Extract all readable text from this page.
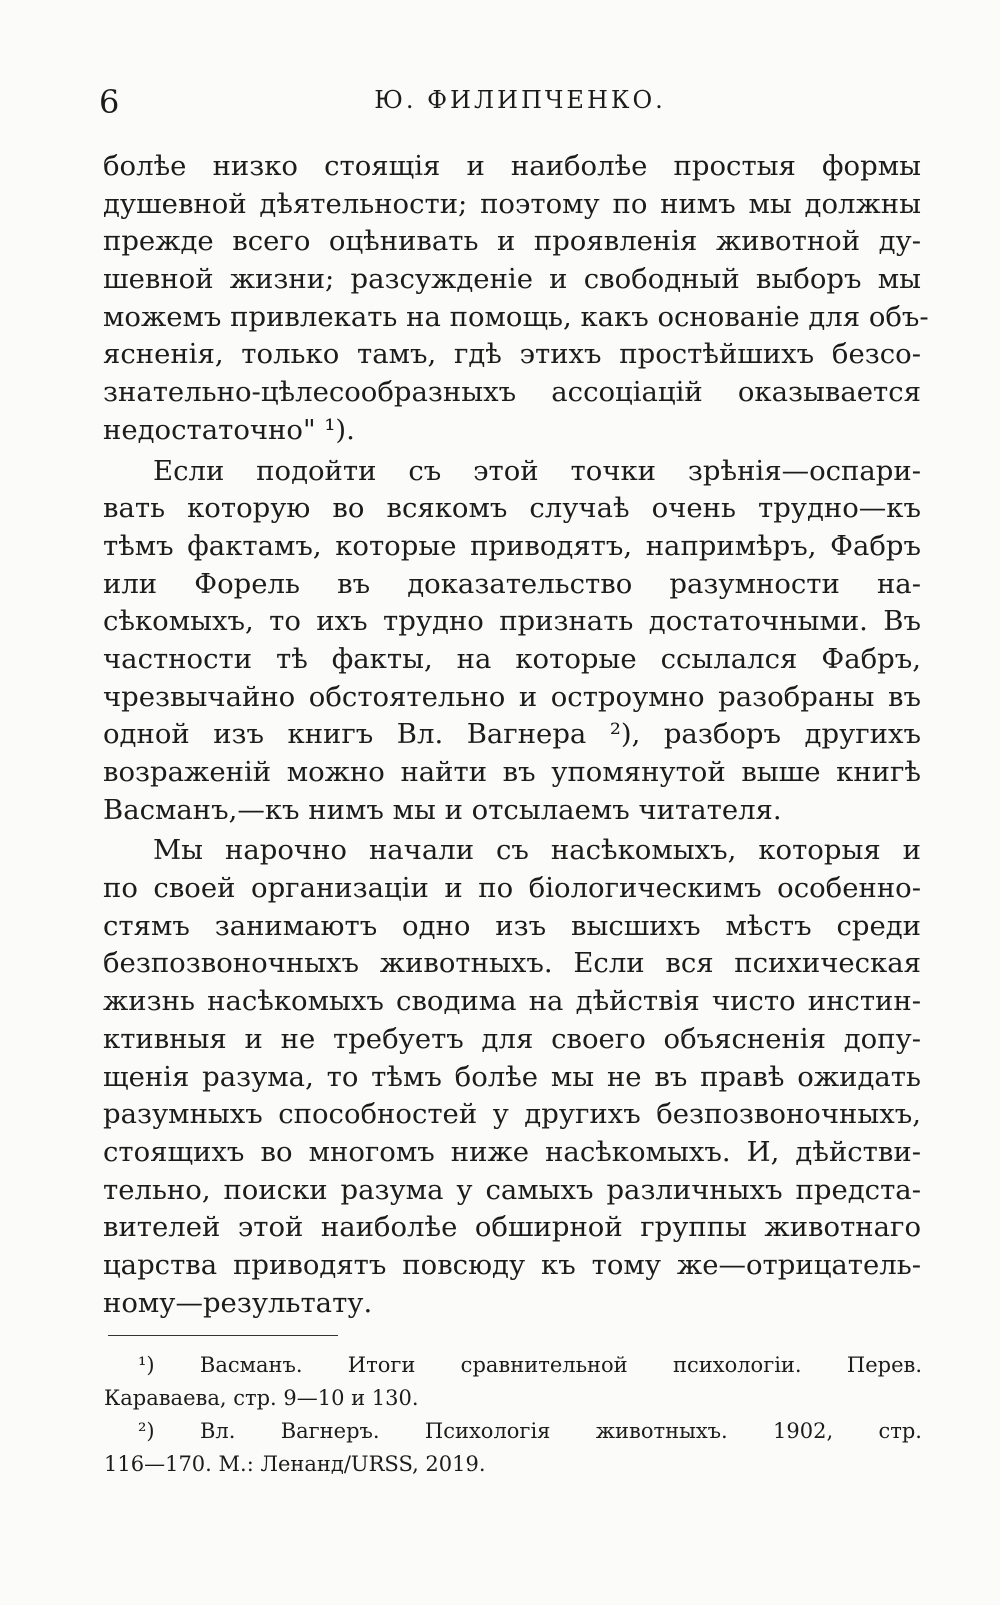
6	Ю. ФИЛИПЧЕНКО.
болѣе низко стоящія и наиболѣе простыя формы
душевной дѣятельности; поэтому по нимъ мы должны
прежде всего оцѣнивать и проявленія животной ду-
шевной жизни; разсужденіе и свободный выборъ мы
можемъ привлекать на помощь, какъ основаніе для объ-
ясненія, только тамъ, гдѣ этихъ простѣйшихъ безсо-
знательно-цѣлесообразныхъ ассоціацій оказывается
недостаточно" ¹).
Если подойти съ этой точки зрѣнія—оспари-
вать которую во всякомъ случаѣ очень трудно—къ
тѣмъ фактамъ, которые приводятъ, напримѣръ, Фабръ
или Форель въ доказательство разумности на-
сѣкомыхъ, то ихъ трудно признать достаточными. Въ
частности тѣ факты, на которые ссылался Фабръ,
чрезвычайно обстоятельно и остроумно разобраны въ
одной изъ книгъ Вл. Вагнера ²), разборъ другихъ
возраженій можно найти въ упомянутой выше книгѣ
Васманъ,—къ нимъ мы и отсылаемъ читателя.
Мы нарочно начали съ насѣкомыхъ, которыя и
по своей организаціи и по біологическимъ особенно-
стямъ занимаютъ одно изъ высшихъ мѣстъ среди
безпозвоночныхъ животныхъ. Если вся психическая
жизнь насѣкомыхъ сводима на дѣйствія чисто инстин-
ктивныя и не требуетъ для своего объясненія допу-
щенія разума, то тѣмъ болѣе мы не въ правѣ ожидать
разумныхъ способностей у другихъ безпозвоночныхъ,
стоящихъ во многомъ ниже насѣкомыхъ. И, дѣйстви-
тельно, поиски разума у самыхъ различныхъ предста-
вителей этой наиболѣе обширной группы животнаго
царства приводятъ повсюду къ тому же—отрицатель-
ному—результату.
¹) Васманъ. Итоги сравнительной психологіи. Перев.
Караваева, стр. 9—10 и 130.
²) Вл. Вагнеръ. Психологія животныхъ. 1902, стр.
116—170. М.: Ленанд/URSS, 2019.
